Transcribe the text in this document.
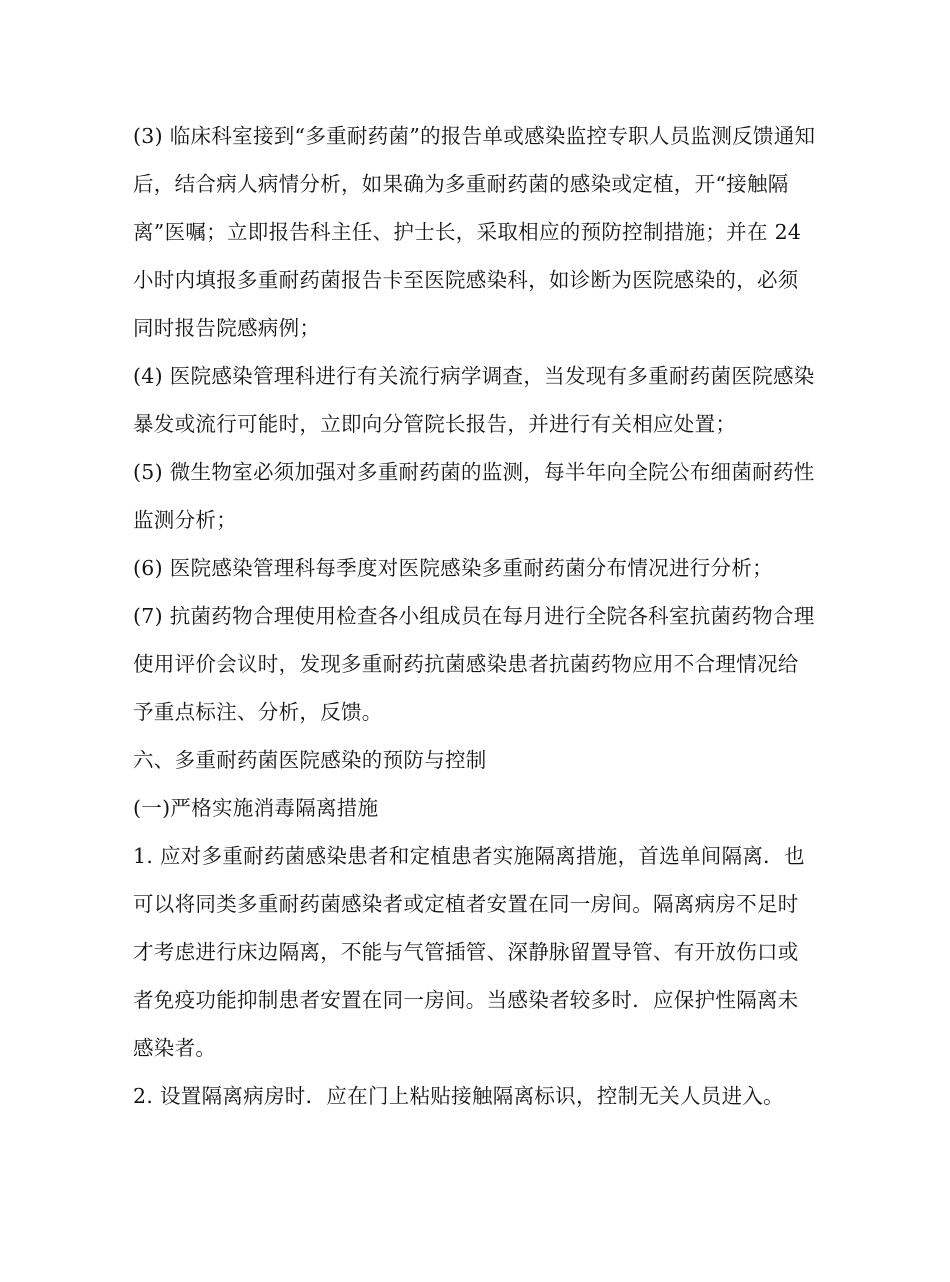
(3) 临床科室接到“多重耐药菌”的报告单或感染监控专职人员监测反馈通知后，结合病人病情分析，如果确为多重耐药菌的感染或定植，开“接触隔离”医嘱；立即报告科主任、护士长，采取相应的预防控制措施；并在 24 小时内填报多重耐药菌报告卡至医院感染科，如诊断为医院感染的，必须同时报告院感病例；

(4) 医院感染管理科进行有关流行病学调查，当发现有多重耐药菌医院感染暴发或流行可能时，立即向分管院长报告，并进行有关相应处置；

(5) 微生物室必须加强对多重耐药菌的监测，每半年向全院公布细菌耐药性监测分析；

(6) 医院感染管理科每季度对医院感染多重耐药菌分布情况进行分析；

(7) 抗菌药物合理使用检查各小组成员在每月进行全院各科室抗菌药物合理使用评价会议时，发现多重耐药抗菌感染患者抗菌药物应用不合理情况给予重点标注、分析，反馈。

六、多重耐药菌医院感染的预防与控制

(一)严格实施消毒隔离措施

1. 应对多重耐药菌感染患者和定植患者实施隔离措施，首选单间隔离．也可以将同类多重耐药菌感染者或定植者安置在同一房间。隔离病房不足时才考虑进行床边隔离，不能与气管插管、深静脉留置导管、有开放伤口或者免疫功能抑制患者安置在同一房间。当感染者较多时．应保护性隔离未感染者。

2. 设置隔离病房时．应在门上粘贴接触隔离标识，控制无关人员进入。
